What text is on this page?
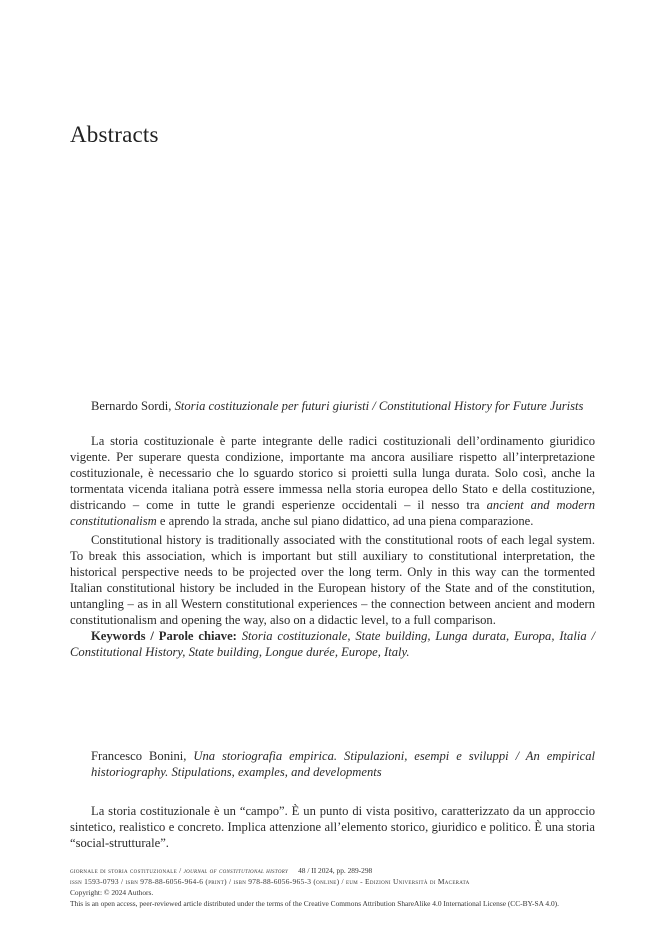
Abstracts

Bernardo Sordi, Storia costituzionale per futuri giuristi / Constitutional History for Future Jurists

La storia costituzionale è parte integrante delle radici costituzionali dell’ordinamento giuridico vigente. Per superare questa condizione, importante ma ancora ausiliare rispetto all’interpretazione costituzionale, è necessario che lo sguardo storico si proietti sulla lunga durata. Solo così, anche la tormentata vicenda italiana potrà essere immessa nella storia europea dello Stato e della costituzione, districando – come in tutte le grandi esperienze occidentali – il nesso tra ancient and modern constitutionalism e aprendo la strada, anche sul piano didattico, ad una piena comparazione.

Constitutional history is traditionally associated with the constitutional roots of each legal system. To break this association, which is important but still auxiliary to constitutional interpretation, the historical perspective needs to be projected over the long term. Only in this way can the tormented Italian constitutional history be included in the European history of the State and of the constitution, untangling – as in all Western constitutional experiences – the connection between ancient and modern constitutionalism and opening the way, also on a didactic level, to a full comparison.

Keywords / Parole chiave: Storia costituzionale, State building, Lunga durata, Europa, Italia / Constitutional History, State building, Longue durée, Europe, Italy.

Francesco Bonini, Una storiografia empirica. Stipulazioni, esempi e sviluppi / An empirical historiography. Stipulations, examples, and developments

La storia costituzionale è un “campo”. È un punto di vista positivo, caratterizzato da un approccio sintetico, realistico e concreto. Implica attenzione all’elemento storico, giuridico e politico. È una storia “social-strutturale”.

giornale di storia costituzionale / journal of constitutional history 48 / II 2024, pp. 289-298
issn 1593-0793 / isbn 978-88-6056-964-6 (print) / isbn 978-88-6056-965-3 (online) / eum - Edizioni Università di Macerata
Copyright: © 2024 Authors.
This is an open access, peer-reviewed article distributed under the terms of the Creative Commons Attribution ShareAlike 4.0 International License (CC-BY-SA 4.0).
